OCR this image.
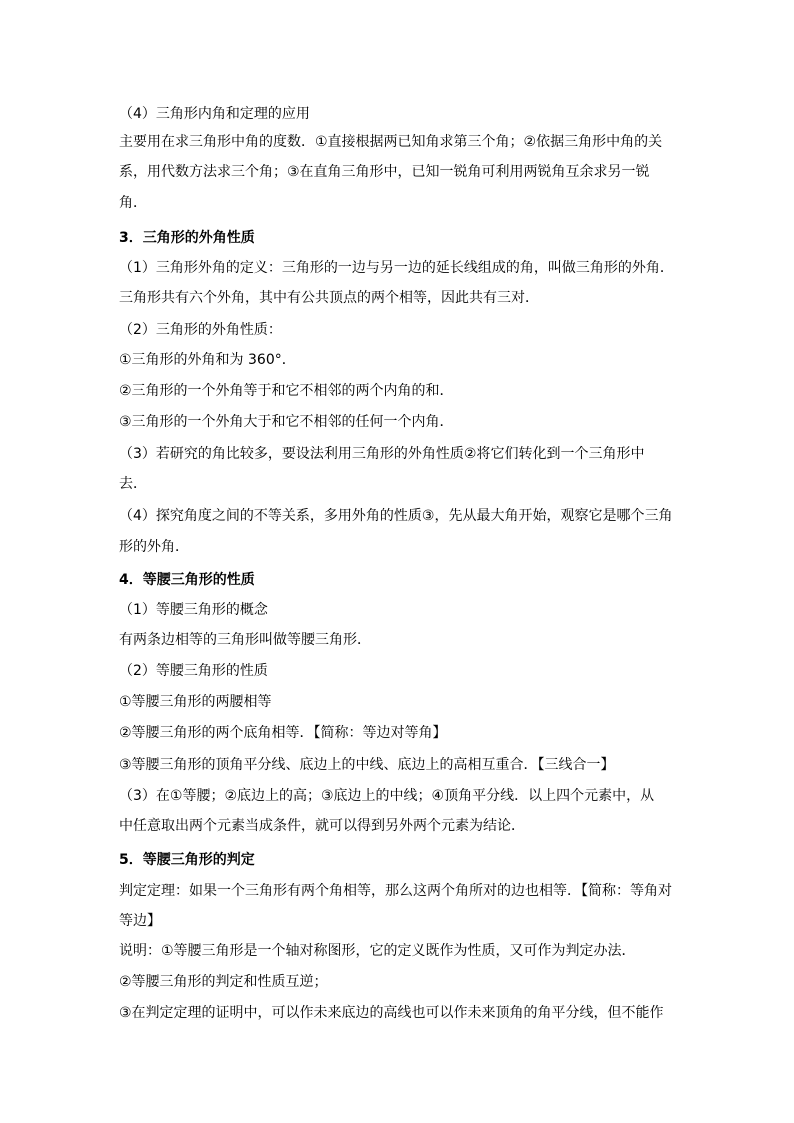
（4）三角形内角和定理的应用
主要用在求三角形中角的度数．①直接根据两已知角求第三个角；②依据三角形中角的关
系，用代数方法求三个角；③在直角三角形中，已知一锐角可利用两锐角互余求另一锐
角．
3．三角形的外角性质
（1）三角形外角的定义：三角形的一边与另一边的延长线组成的角，叫做三角形的外角．
三角形共有六个外角，其中有公共顶点的两个相等，因此共有三对．
（2）三角形的外角性质：
①三角形的外角和为 360°．
②三角形的一个外角等于和它不相邻的两个内角的和．
③三角形的一个外角大于和它不相邻的任何一个内角．
（3）若研究的角比较多，要设法利用三角形的外角性质②将它们转化到一个三角形中
去．
（4）探究角度之间的不等关系，多用外角的性质③，先从最大角开始，观察它是哪个三角
形的外角．
4．等腰三角形的性质
（1）等腰三角形的概念
有两条边相等的三角形叫做等腰三角形．
（2）等腰三角形的性质
①等腰三角形的两腰相等
②等腰三角形的两个底角相等．【简称：等边对等角】
③等腰三角形的顶角平分线、底边上的中线、底边上的高相互重合．【三线合一】
（3）在①等腰；②底边上的高；③底边上的中线；④顶角平分线．以上四个元素中，从
中任意取出两个元素当成条件，就可以得到另外两个元素为结论．
5．等腰三角形的判定
判定定理：如果一个三角形有两个角相等，那么这两个角所对的边也相等．【简称：等角对
等边】
说明：①等腰三角形是一个轴对称图形，它的定义既作为性质，又可作为判定办法．
②等腰三角形的判定和性质互逆；
③在判定定理的证明中，可以作未来底边的高线也可以作未来顶角的角平分线，但不能作
